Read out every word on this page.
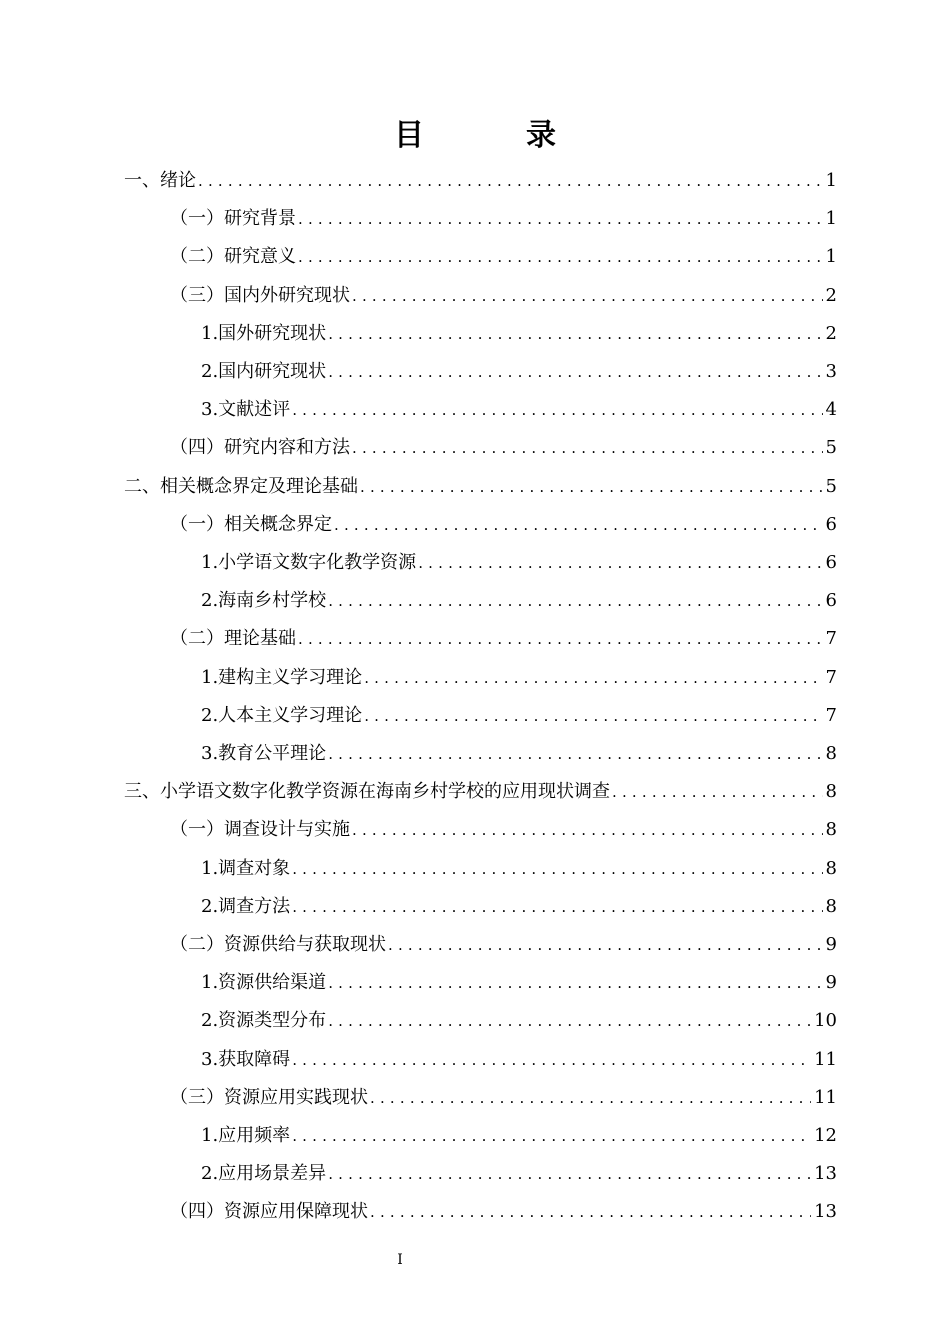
目　录
一、绪论 .....	1
（一）研究背景 .....	1
（二）研究意义 .....	1
（三）国内外研究现状 .....	2
1.国外研究现状 .....	2
2.国内研究现状 .....	3
3.文献述评 .....	4
（四）研究内容和方法 .....	5
二、相关概念界定及理论基础 .....	5
（一）相关概念界定 .....	6
1.小学语文数字化教学资源 .....	6
2.海南乡村学校 .....	6
（二）理论基础 .....	7
1.建构主义学习理论 .....	7
2.人本主义学习理论 .....	7
3.教育公平理论 .....	8
三、小学语文数字化教学资源在海南乡村学校的应用现状调查 .....	8
（一）调查设计与实施 .....	8
1.调查对象 .....	8
2.调查方法 .....	8
（二）资源供给与获取现状 .....	9
1.资源供给渠道 .....	9
2.资源类型分布 .....	10
3.获取障碍 .....	11
（三）资源应用实践现状 .....	11
1.应用频率 .....	12
2.应用场景差异 .....	13
（四）资源应用保障现状 .....	13
I
